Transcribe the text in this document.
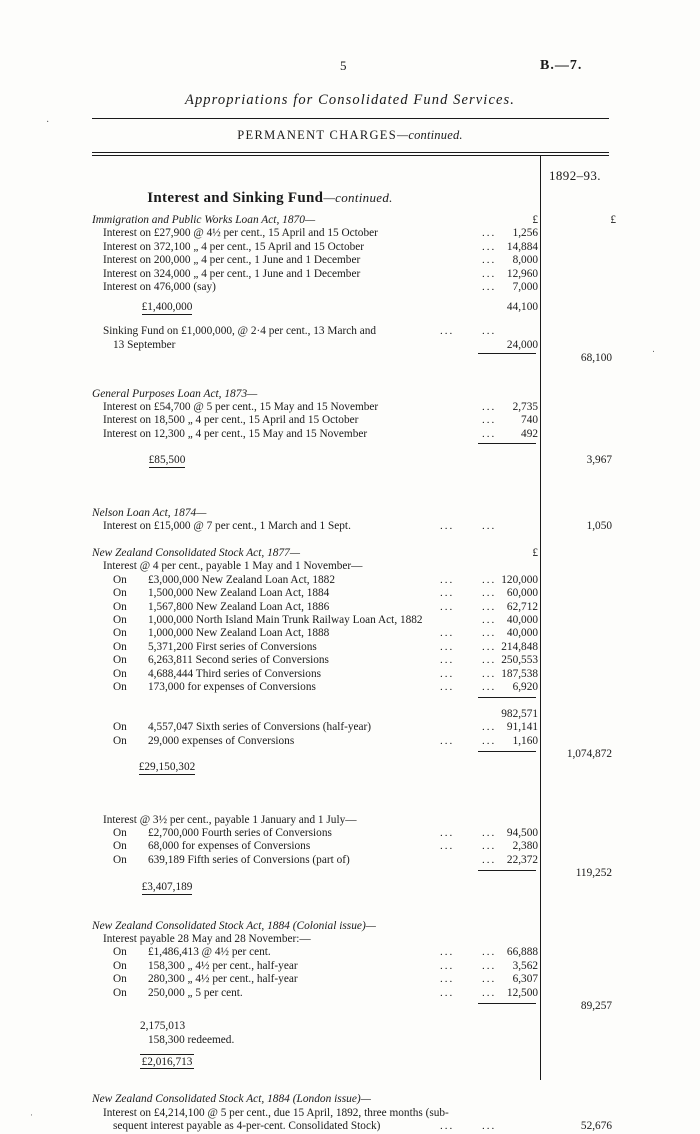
5	B.—7.
Appropriations for Consolidated Fund Services.
PERMANENT CHARGES—continued.
1892–93.
Interest and Sinking Fund—continued.
·
ᐧ
·
Immigration and Public Works Loan Act, 1870—	£	£
Interest on £27,900 @ 4½ per cent., 15 April and 15 October	...	1,256
Interest on 372,100 „ 4 per cent., 15 April and 15 October	... 14,884
Interest on 200,000 „ 4 per cent., 1 June and 1 December	...	8,000
Interest on 324,000 „ 4 per cent., 1 June and 1 December	... 12,960
Interest on 476,000 (say)	...	7,000
£1,400,000	44,100
Sinking Fund on £1,000,000, @ 2·4 per cent., 13 March and	...	...
13 September	24,000
68,100
General Purposes Loan Act, 1873—
Interest on £54,700 @ 5 per cent., 15 May and 15 November	...	2,735
Interest on 18,500 „ 4 per cent., 15 April and 15 October	...	740
Interest on 12,300 „ 4 per cent., 15 May and 15 November	...	492
£85,500	3,967
Nelson Loan Act, 1874—
Interest on £15,000 @ 7 per cent., 1 March and 1 Sept.	...	...	1,050
New Zealand Consolidated Stock Act, 1877—	£
Interest @ 4 per cent., payable 1 May and 1 November—
On £3,000,000 New Zealand Loan Act, 1882	...	... 120,000
On 1,500,000 New Zealand Loan Act, 1884	...	... 60,000
On 1,567,800 New Zealand Loan Act, 1886	...	... 62,712
On 1,000,000 North Island Main Trunk Railway Loan Act, 1882	... 40,000
On 1,000,000 New Zealand Loan Act, 1888	...	... 40,000
On 5,371,200 First series of Conversions	...	... 214,848
On 6,263,811 Second series of Conversions	...	... 250,553
On 4,688,444 Third series of Conversions	...	... 187,538
On 173,000 for expenses of Conversions	...	...	6,920
982,571
On 4,557,047 Sixth series of Conversions (half-year)	... 91,141
On 29,000 expenses of Conversions	...	...	1,160
1,074,872
£29,150,302
Interest @ 3½ per cent., payable 1 January and 1 July—
On £2,700,000 Fourth series of Conversions	...	... 94,500
On 68,000 for expenses of Conversions	...	...	2,380
On 639,189 Fifth series of Conversions (part of)	... 22,372
119,252
£3,407,189
New Zealand Consolidated Stock Act, 1884 (Colonial issue)—
Interest payable 28 May and 28 November:—
On £1,486,413 @ 4½ per cent.	...	... 66,888
On 158,300 „ 4½ per cent., half-year	...	...	3,562
On 280,300 „ 4½ per cent., half-year	...	...	6,307
On 250,000 „ 5 per cent.	...	... 12,500
89,257
2,175,013
158,300 redeemed.
£2,016,713
New Zealand Consolidated Stock Act, 1884 (London issue)—
Interest on £4,214,100 @ 5 per cent., due 15 April, 1892, three months (sub-
sequent interest payable as 4-per-cent. Consolidated Stock)	...	...	52,676
